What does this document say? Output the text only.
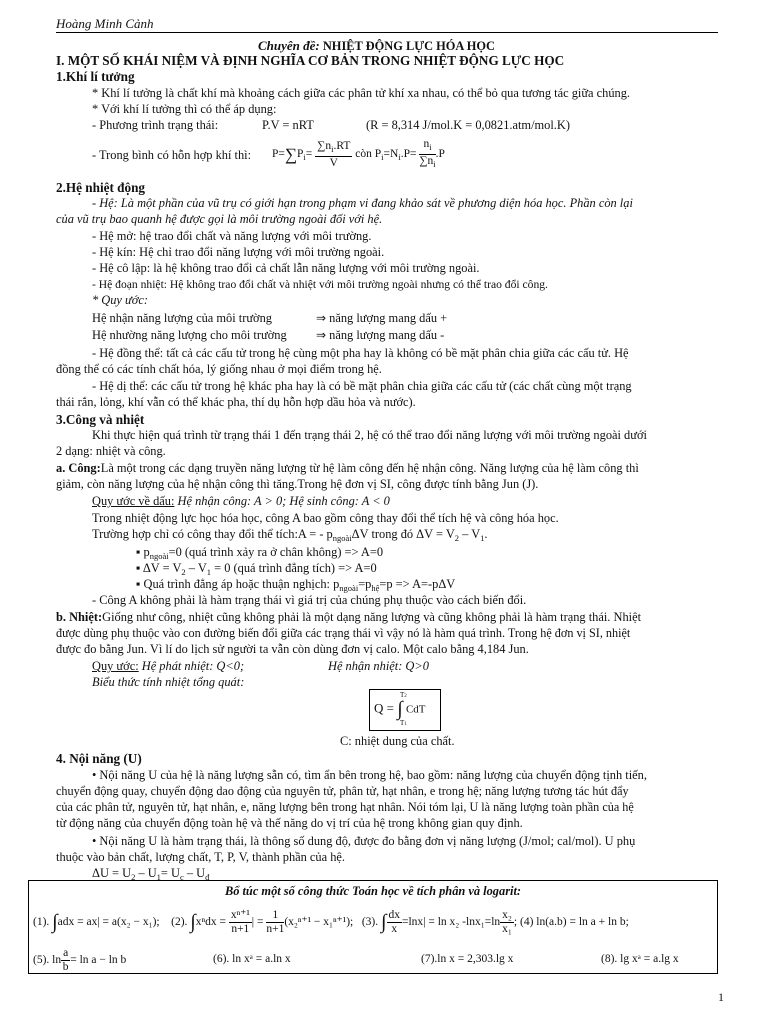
Hoàng Minh Cảnh
Chuyên đề: NHIỆT ĐỘNG LỰC HÓA HỌC
I. MỘT SỐ KHÁI NIỆM VÀ ĐỊNH NGHĨA CƠ BẢN TRONG NHIỆT ĐỘNG LỰC HỌC
1.Khí lí tưởng
* Khí lí tưởng là chất khí mà khoảng cách giữa các phân tử khí xa nhau, có thể bỏ qua tương tác giữa chúng.
* Với khí lí tưởng thì có thể áp dụng:
- Phương trình trạng thái:	P.V = nRT	(R = 8,314 J/mol.K = 0,0821.atm/mol.K)
- Trong bình có hỗn hợp khí thì: $P=\sum P_i= \frac{\sum n_i.RT}{V}$ còn $P_i=N_i.P= \frac{n_i}{\sum n_i} .P$
2.Hệ nhiệt động
- Hệ: Là một phần của vũ trụ có giới hạn trong phạm vi đang khảo sát về phương diện hóa học. Phần còn lại
của vũ trụ bao quanh hệ được gọi là môi trường ngoài đối với hệ.
- Hệ mở: hệ trao đổi chất và năng lượng với môi trường.
- Hệ kín: Hệ chỉ trao đổi năng lượng với môi trường ngoài.
- Hệ cô lập: là hệ không trao đổi cả chất lẫn năng lượng với môi trường ngoài.
- Hệ đoạn nhiệt: Hệ không trao đổi chất và nhiệt với môi trường ngoài nhưng có thể trao đổi công.
* Quy ước:
Hệ nhận năng lượng của môi trường	⇒ năng lượng mang dấu +
Hệ nhường năng lượng cho môi trường ⇒ năng lượng mang dấu -
- Hệ đồng thể: tất cả các cấu tử trong hệ cùng một pha hay là không có bề mặt phân chia giữa các cấu tử. Hệ
đồng thể có các tính chất hóa, lý giống nhau ở mọi điểm trong hệ.
- Hệ dị thể: các cấu tử trong hệ khác pha hay là có bề mặt phân chia giữa các cấu tử (các chất cùng một trạng
thái rắn, lỏng, khí vẫn có thể khác pha, thí dụ hỗn hợp dầu hỏa và nước).
3.Công và nhiệt
Khi thực hiện quá trình từ trạng thái 1 đến trạng thái 2, hệ có thể trao đổi năng lượng với môi trường ngoài dưới
2 dạng: nhiệt và công.
a. Công:Là một trong các dạng truyền năng lượng từ hệ làm công đến hệ nhận công. Năng lượng của hệ làm công thì
giảm, còn năng lượng của hệ nhận công thì tăng.Trong hệ đơn vị SI, công được tính bằng Jun (J).
Quy ước về dấu: Hệ nhận công: A > 0; Hệ sinh công: A < 0
Trong nhiệt động lực học hóa học, công A bao gồm công thay đổi thể tích hệ và công hóa học.
Trường hợp chỉ có công thay đổi thể tích:A = - $p_{ngoài}\Delta V$ trong đó $\Delta V = V_2 - V_1$.
▪ $p_{ngoài}=0$ (quá trình xảy ra ở chân không) => A=0
▪ $\Delta V = V_2 - V_1 = 0$ (quá trình đẳng tích) => A=0
▪ Quá trình đẳng áp hoặc thuận nghịch: $p_{ngoài}=p_{hệ}=p => A=-p\Delta V$
- Công A không phải là hàm trạng thái vì giá trị của chúng phụ thuộc vào cách biến đổi.
b. Nhiệt:Giống như công, nhiệt cũng không phải là một dạng năng lượng và cũng không phải là hàm trạng thái. Nhiệt
được dùng phụ thuộc vào con đường biến đổi giữa các trạng thái vì vậy nó là hàm quá trình. Trong hệ đơn vị SI, nhiệt
được đo bằng Jun. Vì lí do lịch sử người ta vẫn còn dùng đơn vị calo. Một calo bằng 4,184 Jun.
Quy ước: Hệ phát nhiệt: Q<0;	Hệ nhận nhiệt: Q>0
Biểu thức tính nhiệt tổng quát:
Q = ∫ CdT
T2
T1
C: nhiệt dung của chất.
4. Nội năng (U)
• Nội năng U của hệ là năng lượng sẵn có, tìm ẩn bên trong hệ, bao gồm: năng lượng của chuyển động tịnh tiến,
chuyển động quay, chuyển động dao động của nguyên tử, phân tử, hạt nhân, e trong hệ; năng lượng tương tác hút đẩy
của các phân tử, nguyên tử, hạt nhân, e, năng lượng bên trong hạt nhân. Nói tóm lại, U là năng lượng toàn phần của hệ
từ động năng của chuyển động toàn hệ và thế năng do vị trí của hệ trong không gian quy định.
• Nội năng U là hàm trạng thái, là thông số dung độ, được đo bằng đơn vị năng lượng (J/mol; cal/mol). U phụ
thuộc vào bản chất, lượng chất, T, P, V, thành phần của hệ.
$\Delta U = U_2 - U_1= U_c - U_đ$
Bổ túc một số công thức Toán học về tích phân và logarit:
(1). ∫adx = ax| = a(x₂ − x₁); (2). $\int x^ndx = \frac{\text{xⁿ⁺¹}}{n+1}$ | = $\frac{1}{n+1} (x_2^{n+1} - x_1^{n+1})$; (3). ∫ $\frac{dx}{x} =\ln x| = \ln x_2$ $-\ln x_1=\ln \frac{\text{x₂}}{\text{x₁}}$ ; (4) ln(a.b) = ln a + ln b;
(5). $\ln \frac{a}{b} = \ln a - \ln b$	(6). ln xᵃ = a.ln x	(7).ln x = 2,303.lg x	(8). lg xᵃ = a.lg x
1
